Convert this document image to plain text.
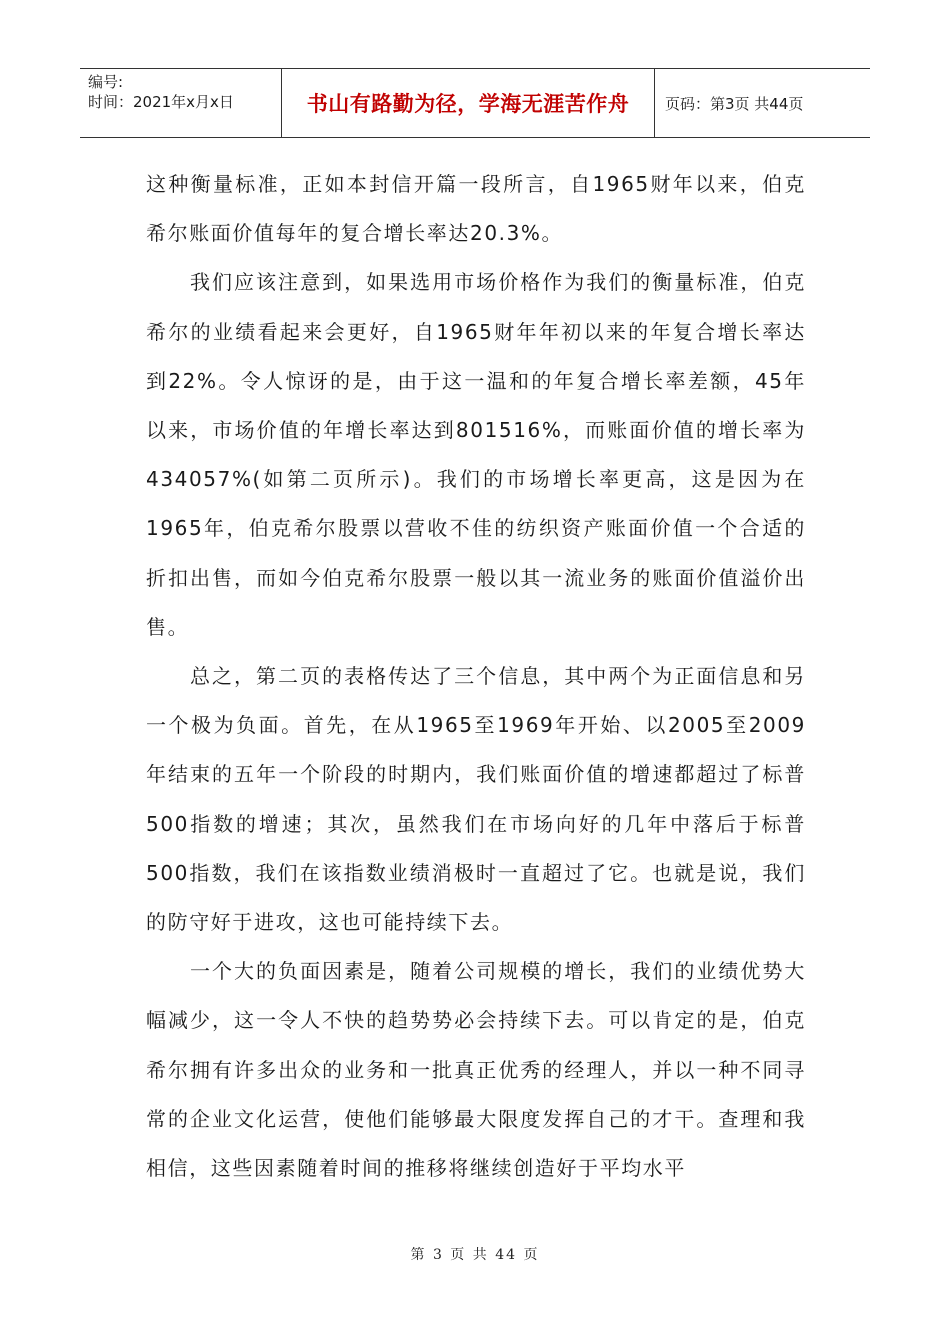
编号:
时间：2021年x月x日	书山有路勤为径，学海无涯苦作舟	页码：第3页 共44页

这种衡量标准，正如本封信开篇一段所言，自1965财年以来，伯克希尔账面价值每年的复合增长率达20.3%。

我们应该注意到，如果选用市场价格作为我们的衡量标准，伯克希尔的业绩看起来会更好，自1965财年年初以来的年复合增长率达到22%。令人惊讶的是，由于这一温和的年复合增长率差额，45年以来，市场价值的年增长率达到801516%，而账面价值的增长率为434057%(如第二页所示)。我们的市场增长率更高，这是因为在1965年，伯克希尔股票以营收不佳的纺织资产账面价值一个合适的折扣出售，而如今伯克希尔股票一般以其一流业务的账面价值溢价出售。

总之，第二页的表格传达了三个信息，其中两个为正面信息和另一个极为负面。首先，在从1965至1969年开始、以2005至2009年结束的五年一个阶段的时期内，我们账面价值的增速都超过了标普500指数的增速；其次，虽然我们在市场向好的几年中落后于标普500指数，我们在该指数业绩消极时一直超过了它。也就是说，我们的防守好于进攻，这也可能持续下去。

一个大的负面因素是，随着公司规模的增长，我们的业绩优势大幅减少，这一令人不快的趋势势必会持续下去。可以肯定的是，伯克希尔拥有许多出众的业务和一批真正优秀的经理人，并以一种不同寻常的企业文化运营，使他们能够最大限度发挥自己的才干。查理和我相信，这些因素随着时间的推移将继续创造好于平均水平

第 3 页 共 44 页
